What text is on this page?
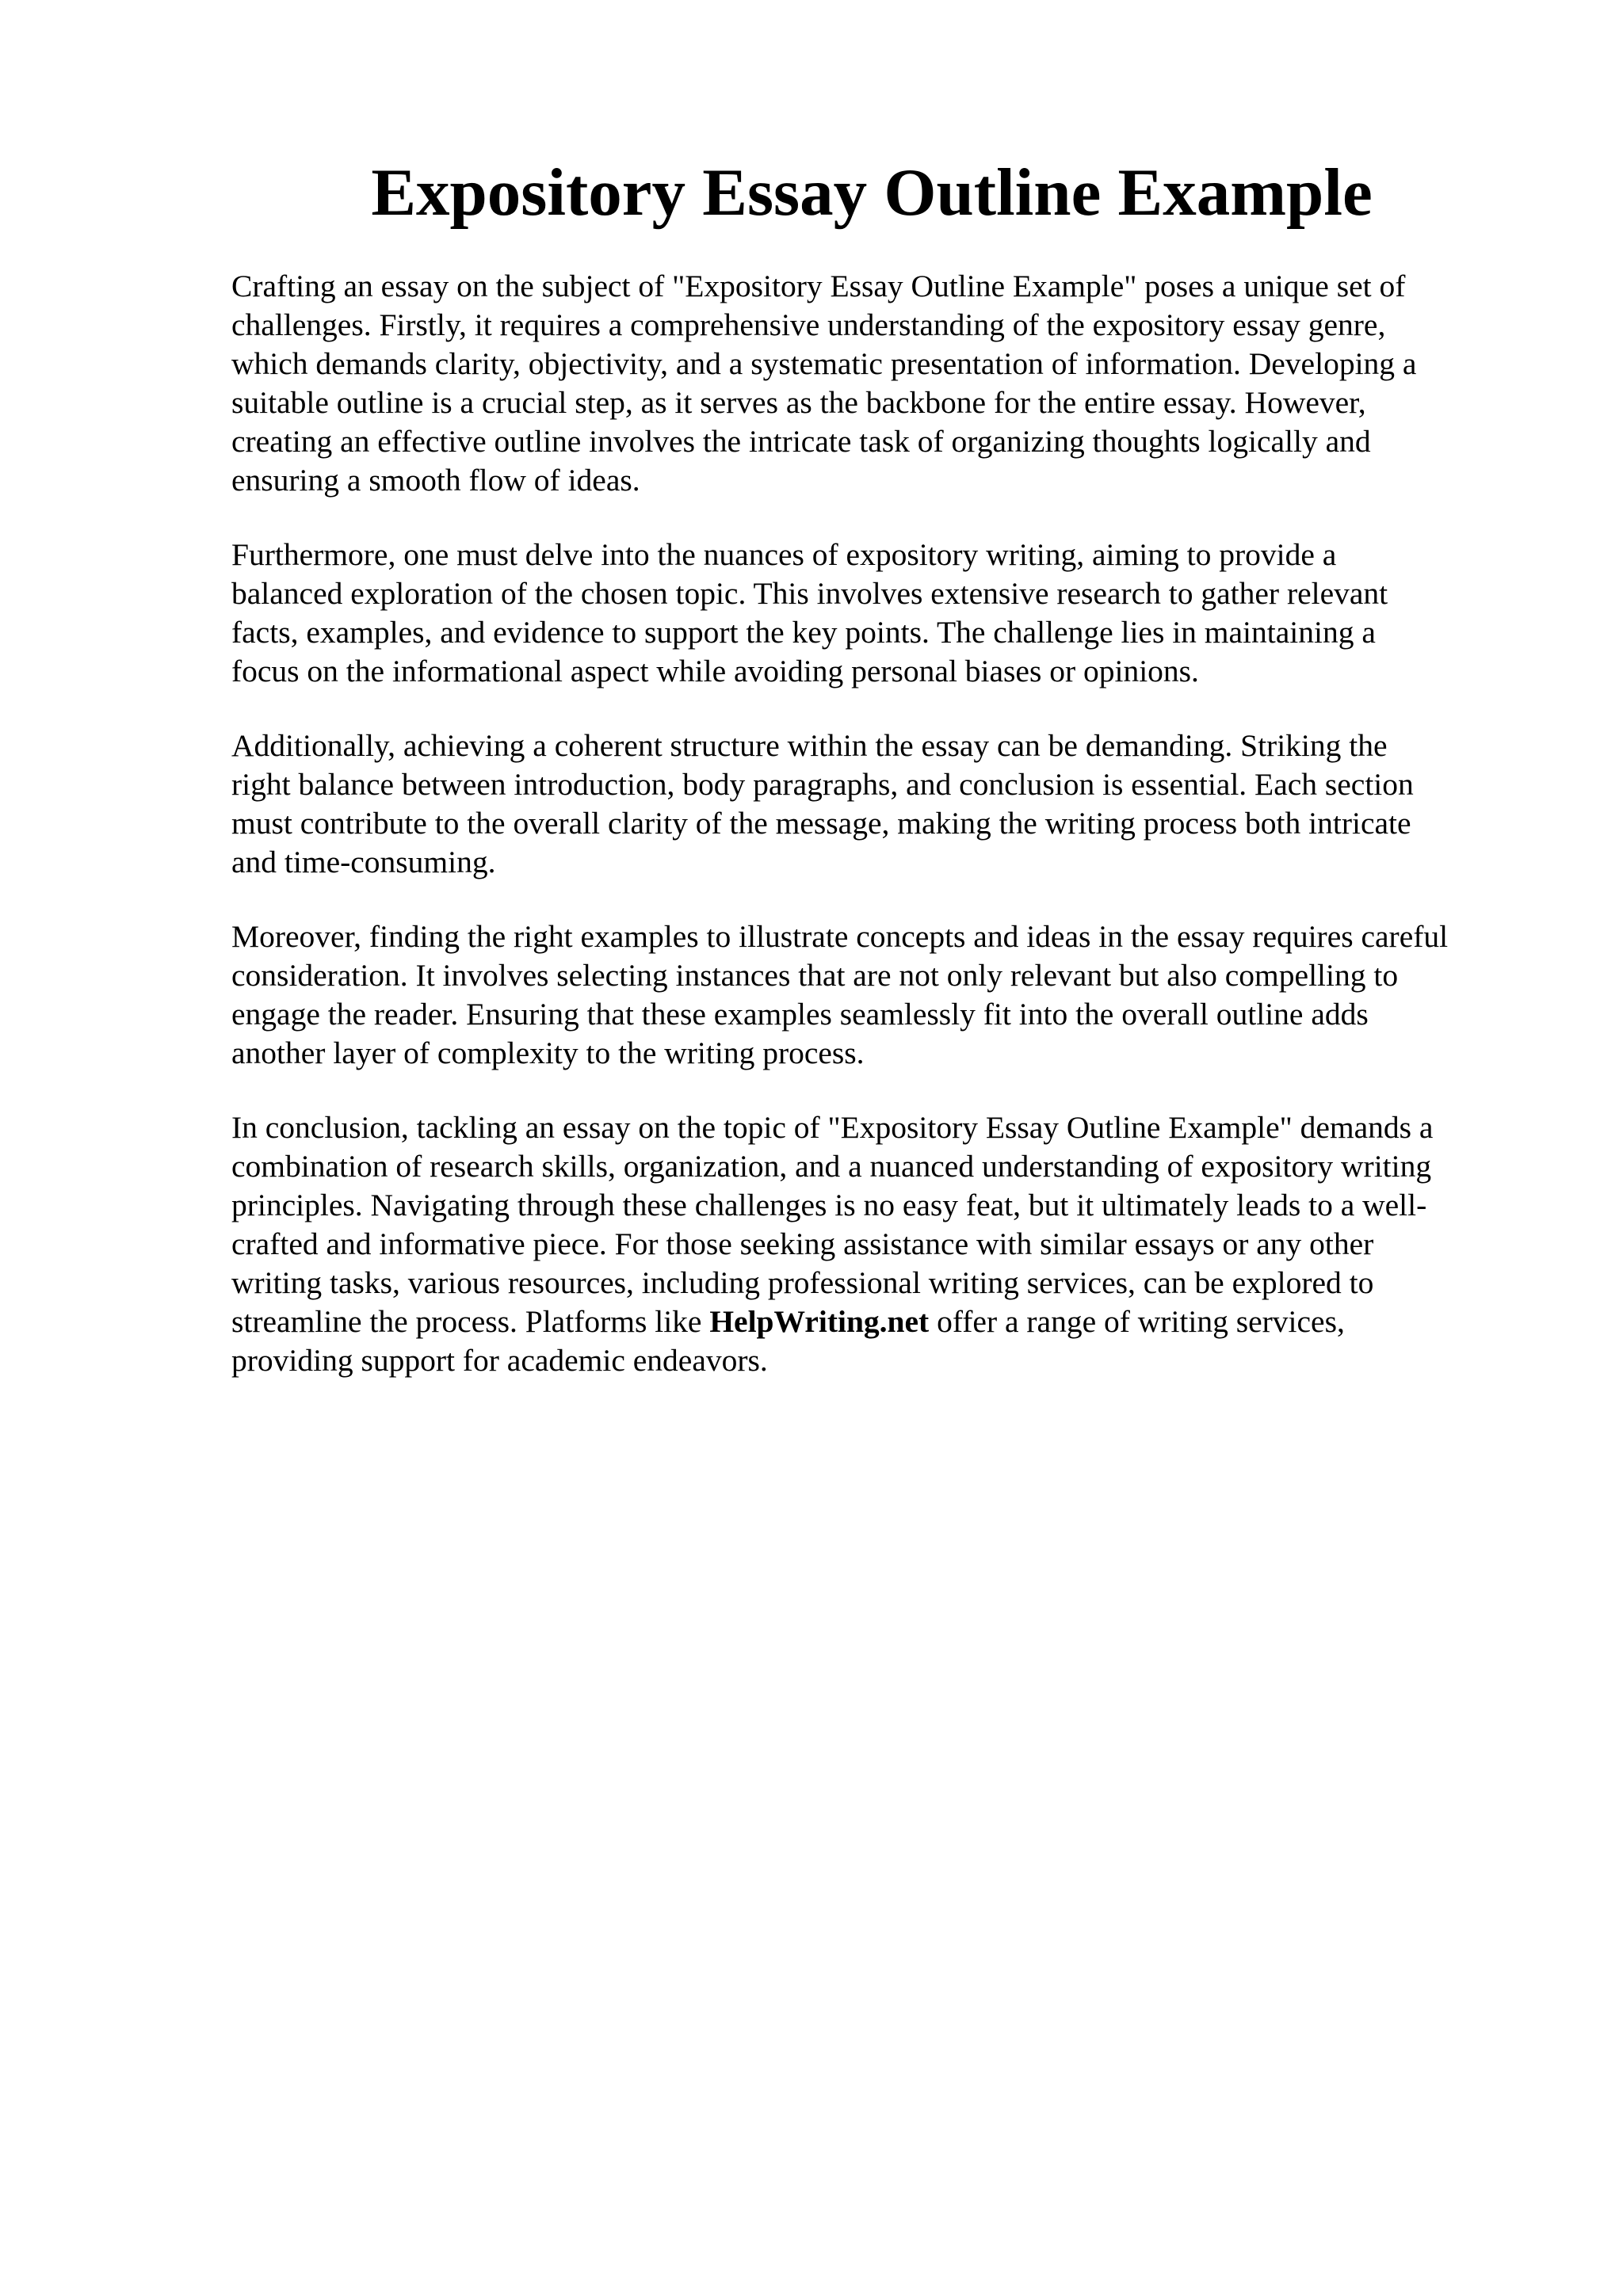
Expository Essay Outline Example

Crafting an essay on the subject of "Expository Essay Outline Example" poses a unique set of
challenges. Firstly, it requires a comprehensive understanding of the expository essay genre,
which demands clarity, objectivity, and a systematic presentation of information. Developing a
suitable outline is a crucial step, as it serves as the backbone for the entire essay. However,
creating an effective outline involves the intricate task of organizing thoughts logically and
ensuring a smooth flow of ideas.

Furthermore, one must delve into the nuances of expository writing, aiming to provide a
balanced exploration of the chosen topic. This involves extensive research to gather relevant
facts, examples, and evidence to support the key points. The challenge lies in maintaining a
focus on the informational aspect while avoiding personal biases or opinions.

Additionally, achieving a coherent structure within the essay can be demanding. Striking the
right balance between introduction, body paragraphs, and conclusion is essential. Each section
must contribute to the overall clarity of the message, making the writing process both intricate
and time-consuming.

Moreover, finding the right examples to illustrate concepts and ideas in the essay requires careful
consideration. It involves selecting instances that are not only relevant but also compelling to
engage the reader. Ensuring that these examples seamlessly fit into the overall outline adds
another layer of complexity to the writing process.

In conclusion, tackling an essay on the topic of "Expository Essay Outline Example" demands a
combination of research skills, organization, and a nuanced understanding of expository writing
principles. Navigating through these challenges is no easy feat, but it ultimately leads to a well-
crafted and informative piece. For those seeking assistance with similar essays or any other
writing tasks, various resources, including professional writing services, can be explored to
streamline the process. Platforms like HelpWriting.net offer a range of writing services,
providing support for academic endeavors.
